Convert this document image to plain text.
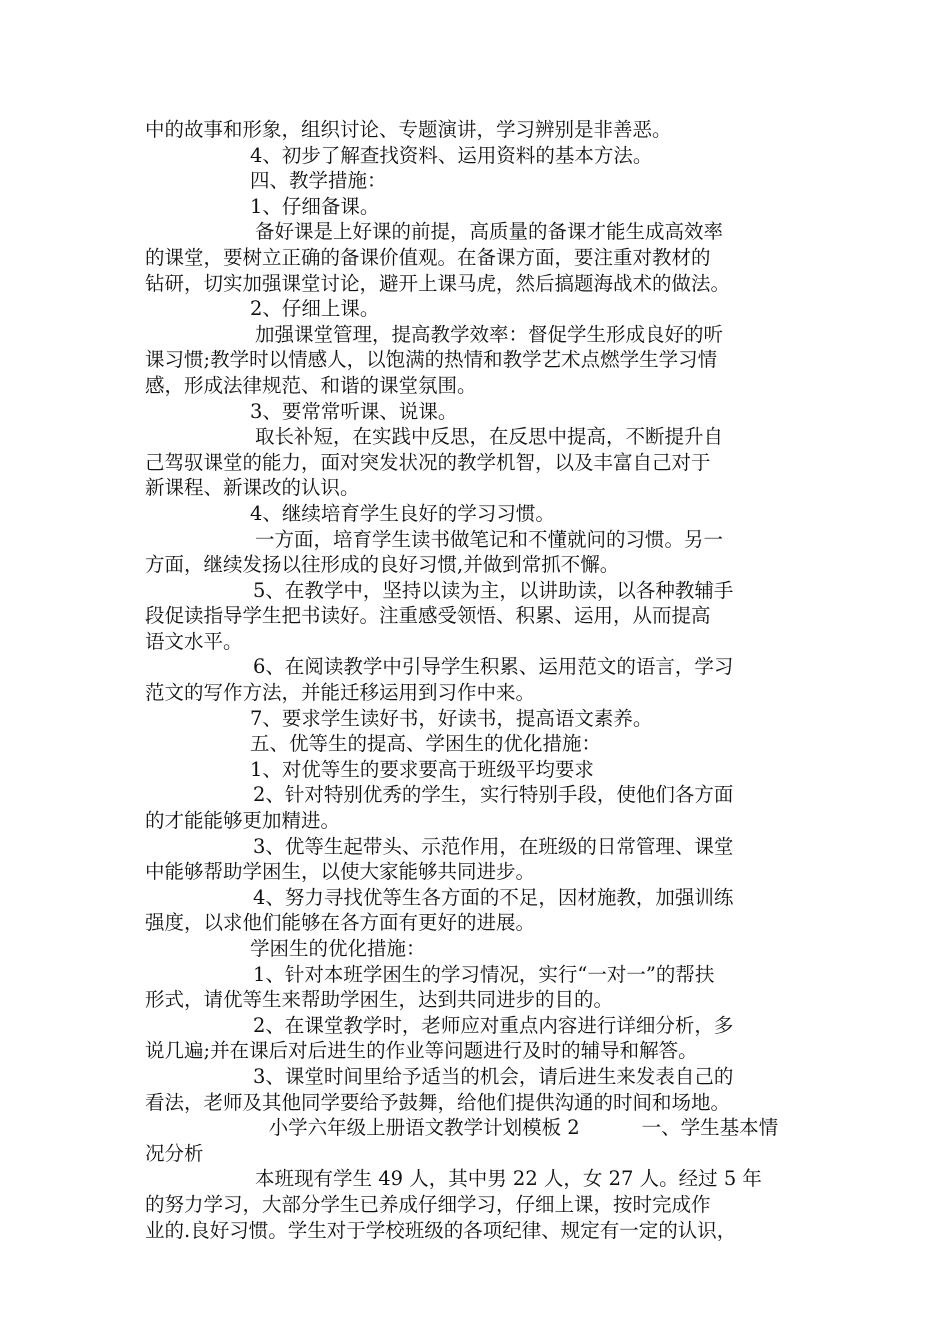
中的故事和形象，组织讨论、专题演讲，学习辨别是非善恶。
4、初步了解查找资料、运用资料的基本方法。
四、教学措施：
1、仔细备课。
备好课是上好课的前提，高质量的备课才能生成高效率
的课堂，要树立正确的备课价值观。在备课方面，要注重对教材的
钻研，切实加强课堂讨论，避开上课马虎，然后搞题海战术的做法。
2、仔细上课。
加强课堂管理，提高教学效率：督促学生形成良好的听
课习惯;教学时以情感人，以饱满的热情和教学艺术点燃学生学习情
感，形成法律规范、和谐的课堂氛围。
3、要常常听课、说课。
取长补短，在实践中反思，在反思中提高，不断提升自
己驾驭课堂的能力，面对突发状况的教学机智，以及丰富自己对于
新课程、新课改的认识。
4、继续培育学生良好的学习习惯。
一方面，培育学生读书做笔记和不懂就问的习惯。另一
方面，继续发扬以往形成的良好习惯,并做到常抓不懈。
5、在教学中，坚持以读为主，以讲助读，以各种教辅手
段促读指导学生把书读好。注重感受领悟、积累、运用，从而提高
语文水平。
6、在阅读教学中引导学生积累、运用范文的语言，学习
范文的写作方法，并能迁移运用到习作中来。
7、要求学生读好书，好读书，提高语文素养。
五、优等生的提高、学困生的优化措施：
1、对优等生的要求要高于班级平均要求
2、针对特别优秀的学生，实行特别手段，使他们各方面
的才能能够更加精进。
3、优等生起带头、示范作用，在班级的日常管理、课堂
中能够帮助学困生，以使大家能够共同进步。
4、努力寻找优等生各方面的不足，因材施教，加强训练
强度，以求他们能够在各方面有更好的进展。
学困生的优化措施：
1、针对本班学困生的学习情况，实行“一对一”的帮扶
形式，请优等生来帮助学困生，达到共同进步的目的。
2、在课堂教学时，老师应对重点内容进行详细分析，多
说几遍;并在课后对后进生的作业等问题进行及时的辅导和解答。
3、课堂时间里给予适当的机会，请后进生来发表自己的
看法，老师及其他同学要给予鼓舞，给他们提供沟通的时间和场地。
小学六年级上册语文教学计划模板 2          一、学生基本情
况分析
本班现有学生 49 人，其中男 22 人，女 27 人。经过 5 年
的努力学习，大部分学生已养成仔细学习，仔细上课，按时完成作
业的.良好习惯。学生对于学校班级的各项纪律、规定有一定的认识，
